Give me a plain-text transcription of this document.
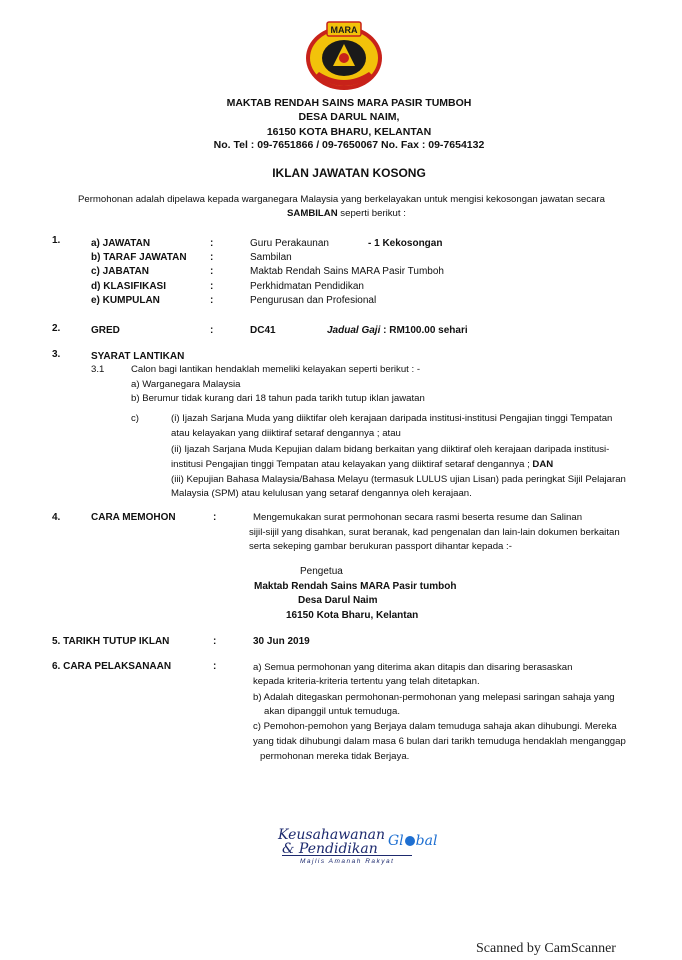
MARA
MAKTAB RENDAH SAINS MARA PASIR TUMBOH
DESA DARUL NAIM,
16150 KOTA BHARU, KELANTAN
No. Tel : 09-7651866 / 09-7650067 No. Fax : 09-7654132
IKLAN JAWATAN KOSONG
Permohonan adalah dipelawa kepada warganegara Malaysia yang berkelayakan untuk mengisi kekosongan jawatan secara
SAMBILAN seperti berikut :
1.	a) JAWATAN	:	Guru Perakaunan	- 1 Kekosongan
b) TARAF JAWATAN :	Sambilan
c) JABATAN	:	Maktab Rendah Sains MARA Pasir Tumboh
d) KLASIFIKASI	:	Perkhidmatan Pendidikan
e) KUMPULAN	:	Pengurusan dan Profesional
2.	GRED	:	DC41	Jadual Gaji : RM100.00 sehari
3.	SYARAT LANTIKAN
3.1	Calon bagi lantikan hendaklah memeliki kelayakan seperti berikut : -
a) Warganegara Malaysia
b) Berumur tidak kurang dari 18 tahun pada tarikh tutup iklan jawatan
c)	(i) Ijazah Sarjana Muda yang diiktifar oleh kerajaan daripada institusi-institusi Pengajian tinggi Tempatan
atau kelayakan yang diiktiraf setaraf dengannya ; atau
(ii) Ijazah Sarjana Muda Kepujian dalam bidang berkaitan yang diiktiraf oleh kerajaan daripada institusi-
institusi Pengajian tinggi Tempatan atau kelayakan yang diiktiraf setaraf dengannya ; DAN
(iii) Kepujian Bahasa Malaysia/Bahasa Melayu (termasuk LULUS ujian Lisan) pada peringkat Sijil Pelajaran
Malaysia (SPM) atau kelulusan yang setaraf dengannya oleh kerajaan.
4.	CARA MEMOHON	:	Mengemukakan surat permohonan secara rasmi beserta resume dan Salinan
sijil-sijil yang disahkan, surat beranak, kad pengenalan dan lain-lain dokumen berkaitan
serta sekeping gambar berukuran passport dihantar kepada :-
Pengetua
Maktab Rendah Sains MARA Pasir tumboh
Desa Darul Naim
16150 Kota Bharu, Kelantan
5. TARIKH TUTUP IKLAN	:	30 Jun 2019
6. CARA PELAKSANAAN	:	a) Semua permohonan yang diterima akan ditapis dan disaring berasaskan
kepada kriteria-kriteria tertentu yang telah ditetapkan.
b) Adalah ditegaskan permohonan-permohonan yang melepasi saringan sahaja yang
akan dipanggil untuk temuduga.
c) Pemohon-pemohon yang Berjaya dalam temuduga sahaja akan dihubungi. Mereka
yang tidak dihubungi dalam masa 6 bulan dari tarikh temuduga hendaklah menganggap
permohonan mereka tidak Berjaya.
Keusahawanan
& Pendidikan Gl bal
Majlis Amanah Rakyat
Scanned by CamScanner
